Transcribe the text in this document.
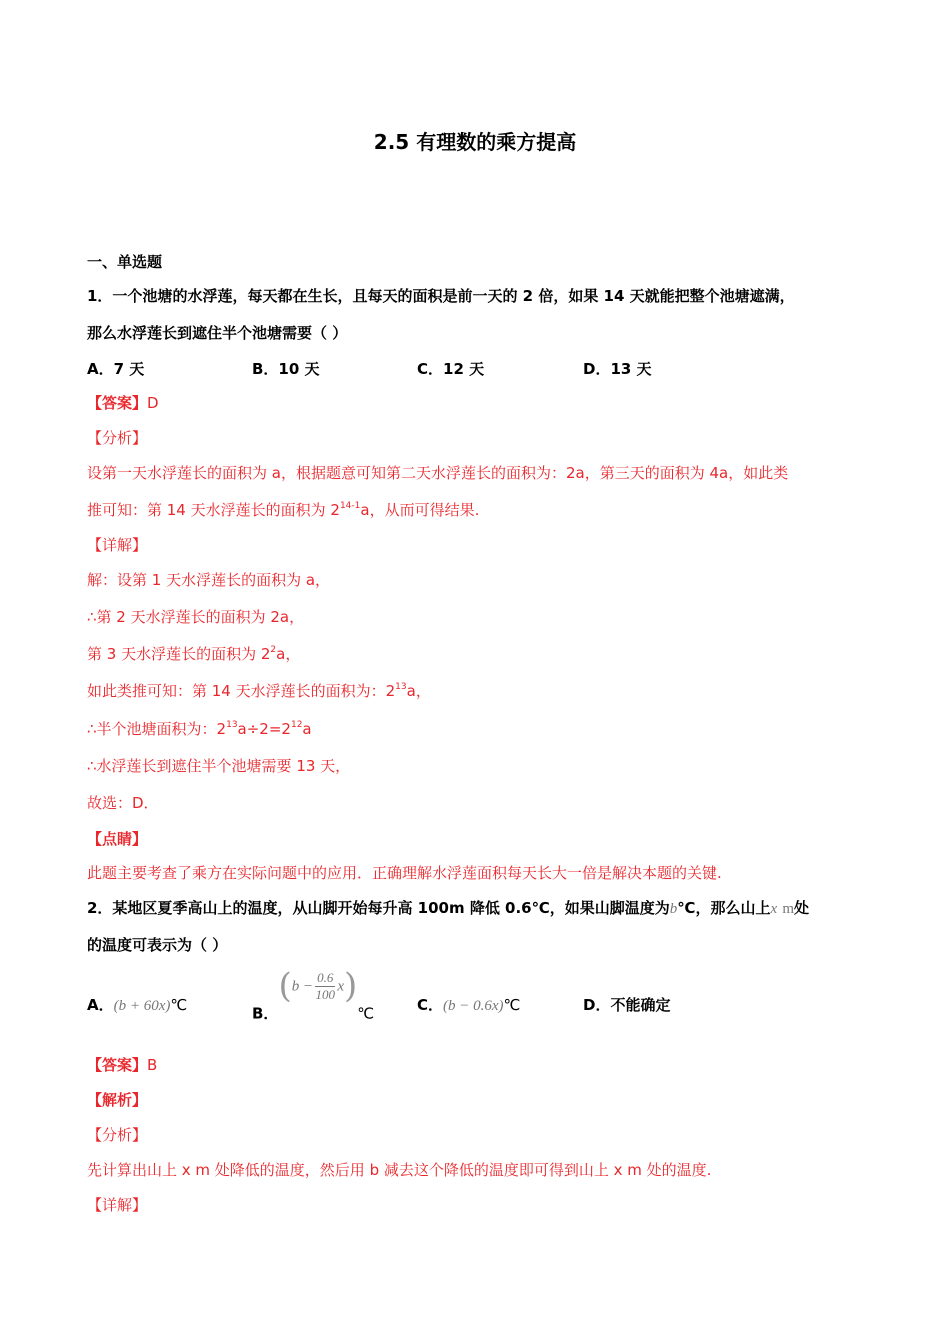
2.5 有理数的乘方提高
一、单选题
1．一个池塘的水浮莲，每天都在生长，且每天的面积是前一天的 2 倍，如果 14 天就能把整个池塘遮满，
那么水浮莲长到遮住半个池塘需要（ ）
A．7 天	B．10 天	C．12 天	D．13 天
【答案】D
【分析】
设第一天水浮莲长的面积为 a，根据题意可知第二天水浮莲长的面积为：2a，第三天的面积为 4a，如此类
推可知：第 14 天水浮莲长的面积为 2$^{14-1}$a，从而可得结果.
【详解】
解：设第 1 天水浮莲长的面积为 a，
∴第 2 天水浮莲长的面积为 2a，
第 3 天水浮莲长的面积为 $2^2a$，
如此类推可知：第 14 天水浮莲长的面积为：$2^{13}a$，
∴半个池塘面积为：$2^{13}a\div 2=2^{12}a$
∴水浮莲长到遮住半个池塘需要 13 天，
故选：D．
【点睛】
此题主要考查了乘方在实际问题中的应用．正确理解水浮莲面积每天长大一倍是解决本题的关键.
2．某地区夏季高山上的温度，从山脚开始每升高 100m 降低 0.6℃，如果山脚温度为b℃，那么山上x m处
的温度可表示为（ ）
A．(b + 60x)℃	B．($b - \frac{0.6}{100}$ x)℃	C．(b − 0.6x)℃	D．不能确定
【答案】B
【解析】
【分析】
先计算出山上 x m 处降低的温度，然后用 b 减去这个降低的温度即可得到山上 x m 处的温度.
【详解】
